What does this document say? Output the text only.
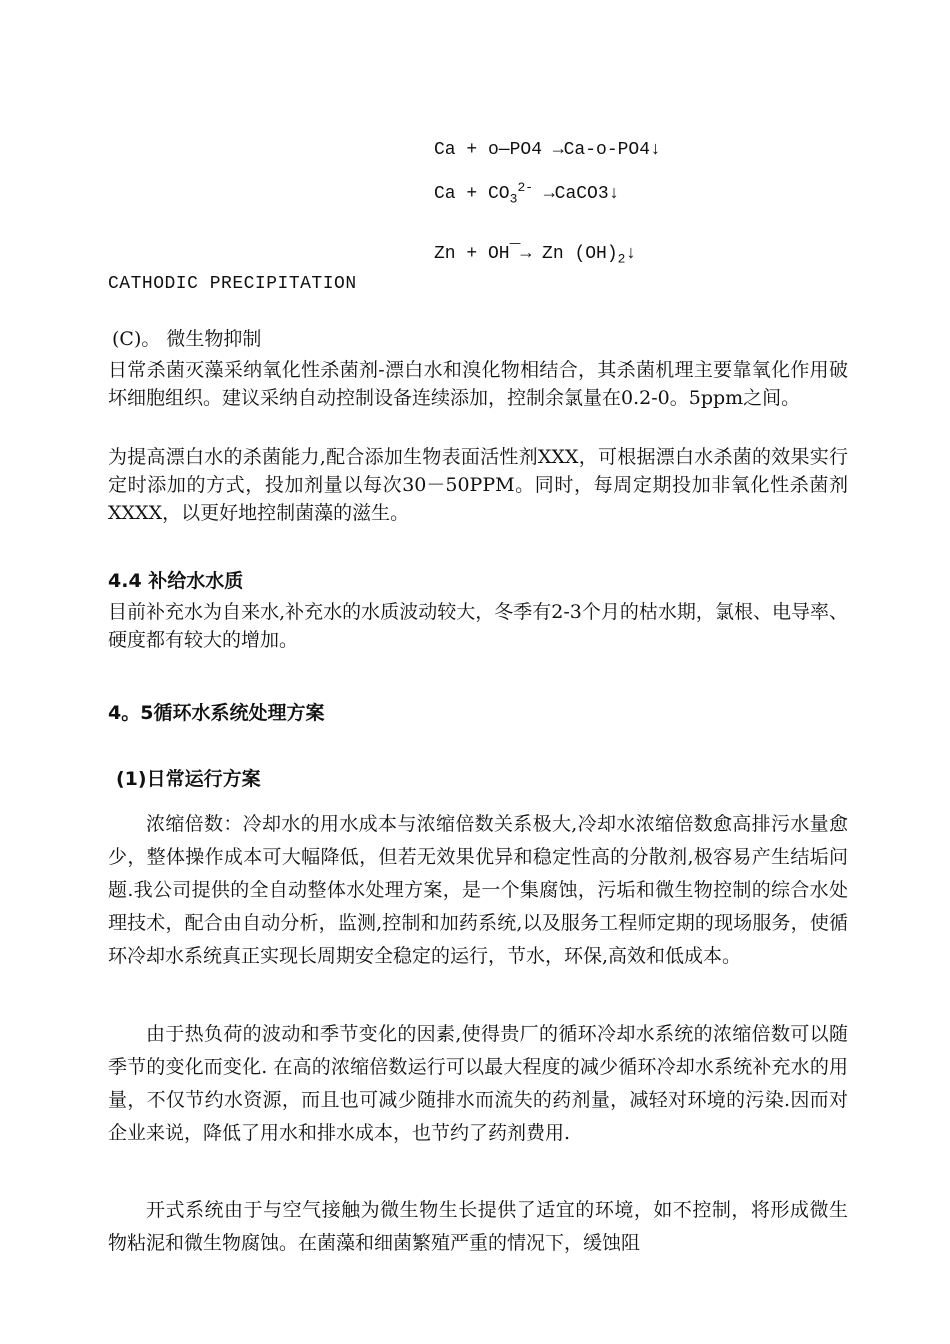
Ca + o—PO4 →Ca-o-PO4↓
$Ca + CO_3^{2-}$ →CaCO3↓
Zn + OH¯→ Zn $(OH)_2↓$
CATHODIC PRECIPITATION
(C)。 微生物抑制

日常杀菌灭藻采纳氧化性杀菌剂-漂白水和溴化物相结合，其杀菌机理主要靠氧化作用破坏细胞组织。建议采纳自动控制设备连续添加，控制余氯量在0.2-0。5ppm之间。

为提高漂白水的杀菌能力,配合添加生物表面活性剂XXX，可根据漂白水杀菌的效果实行定时添加的方式，投加剂量以每次30－50PPM。同时，每周定期投加非氧化性杀菌剂XXXX，以更好地控制菌藻的滋生。

4.4 补给水水质

目前补充水为自来水,补充水的水质波动较大，冬季有2-3个月的枯水期，氯根、电导率、硬度都有较大的增加。

4。5循环水系统处理方案
(1)日常运行方案

浓缩倍数：冷却水的用水成本与浓缩倍数关系极大,冷却水浓缩倍数愈高排污水量愈少，整体操作成本可大幅降低，但若无效果优异和稳定性高的分散剂,极容易产生结垢问题.我公司提供的全自动整体水处理方案，是一个集腐蚀，污垢和微生物控制的综合水处理技术，配合由自动分析，监测,控制和加药系统,以及服务工程师定期的现场服务，使循环冷却水系统真正实现长周期安全稳定的运行，节水，环保,高效和低成本。

由于热负荷的波动和季节变化的因素,使得贵厂的循环冷却水系统的浓缩倍数可以随季节的变化而变化. 在高的浓缩倍数运行可以最大程度的减少循环冷却水系统补充水的用量，不仅节约水资源，而且也可减少随排水而流失的药剂量，减轻对环境的污染.因而对企业来说，降低了用水和排水成本，也节约了药剂费用.

开式系统由于与空气接触为微生物生长提供了适宜的环境，如不控制，将形成微生物粘泥和微生物腐蚀。在菌藻和细菌繁殖严重的情况下，缓蚀阻
